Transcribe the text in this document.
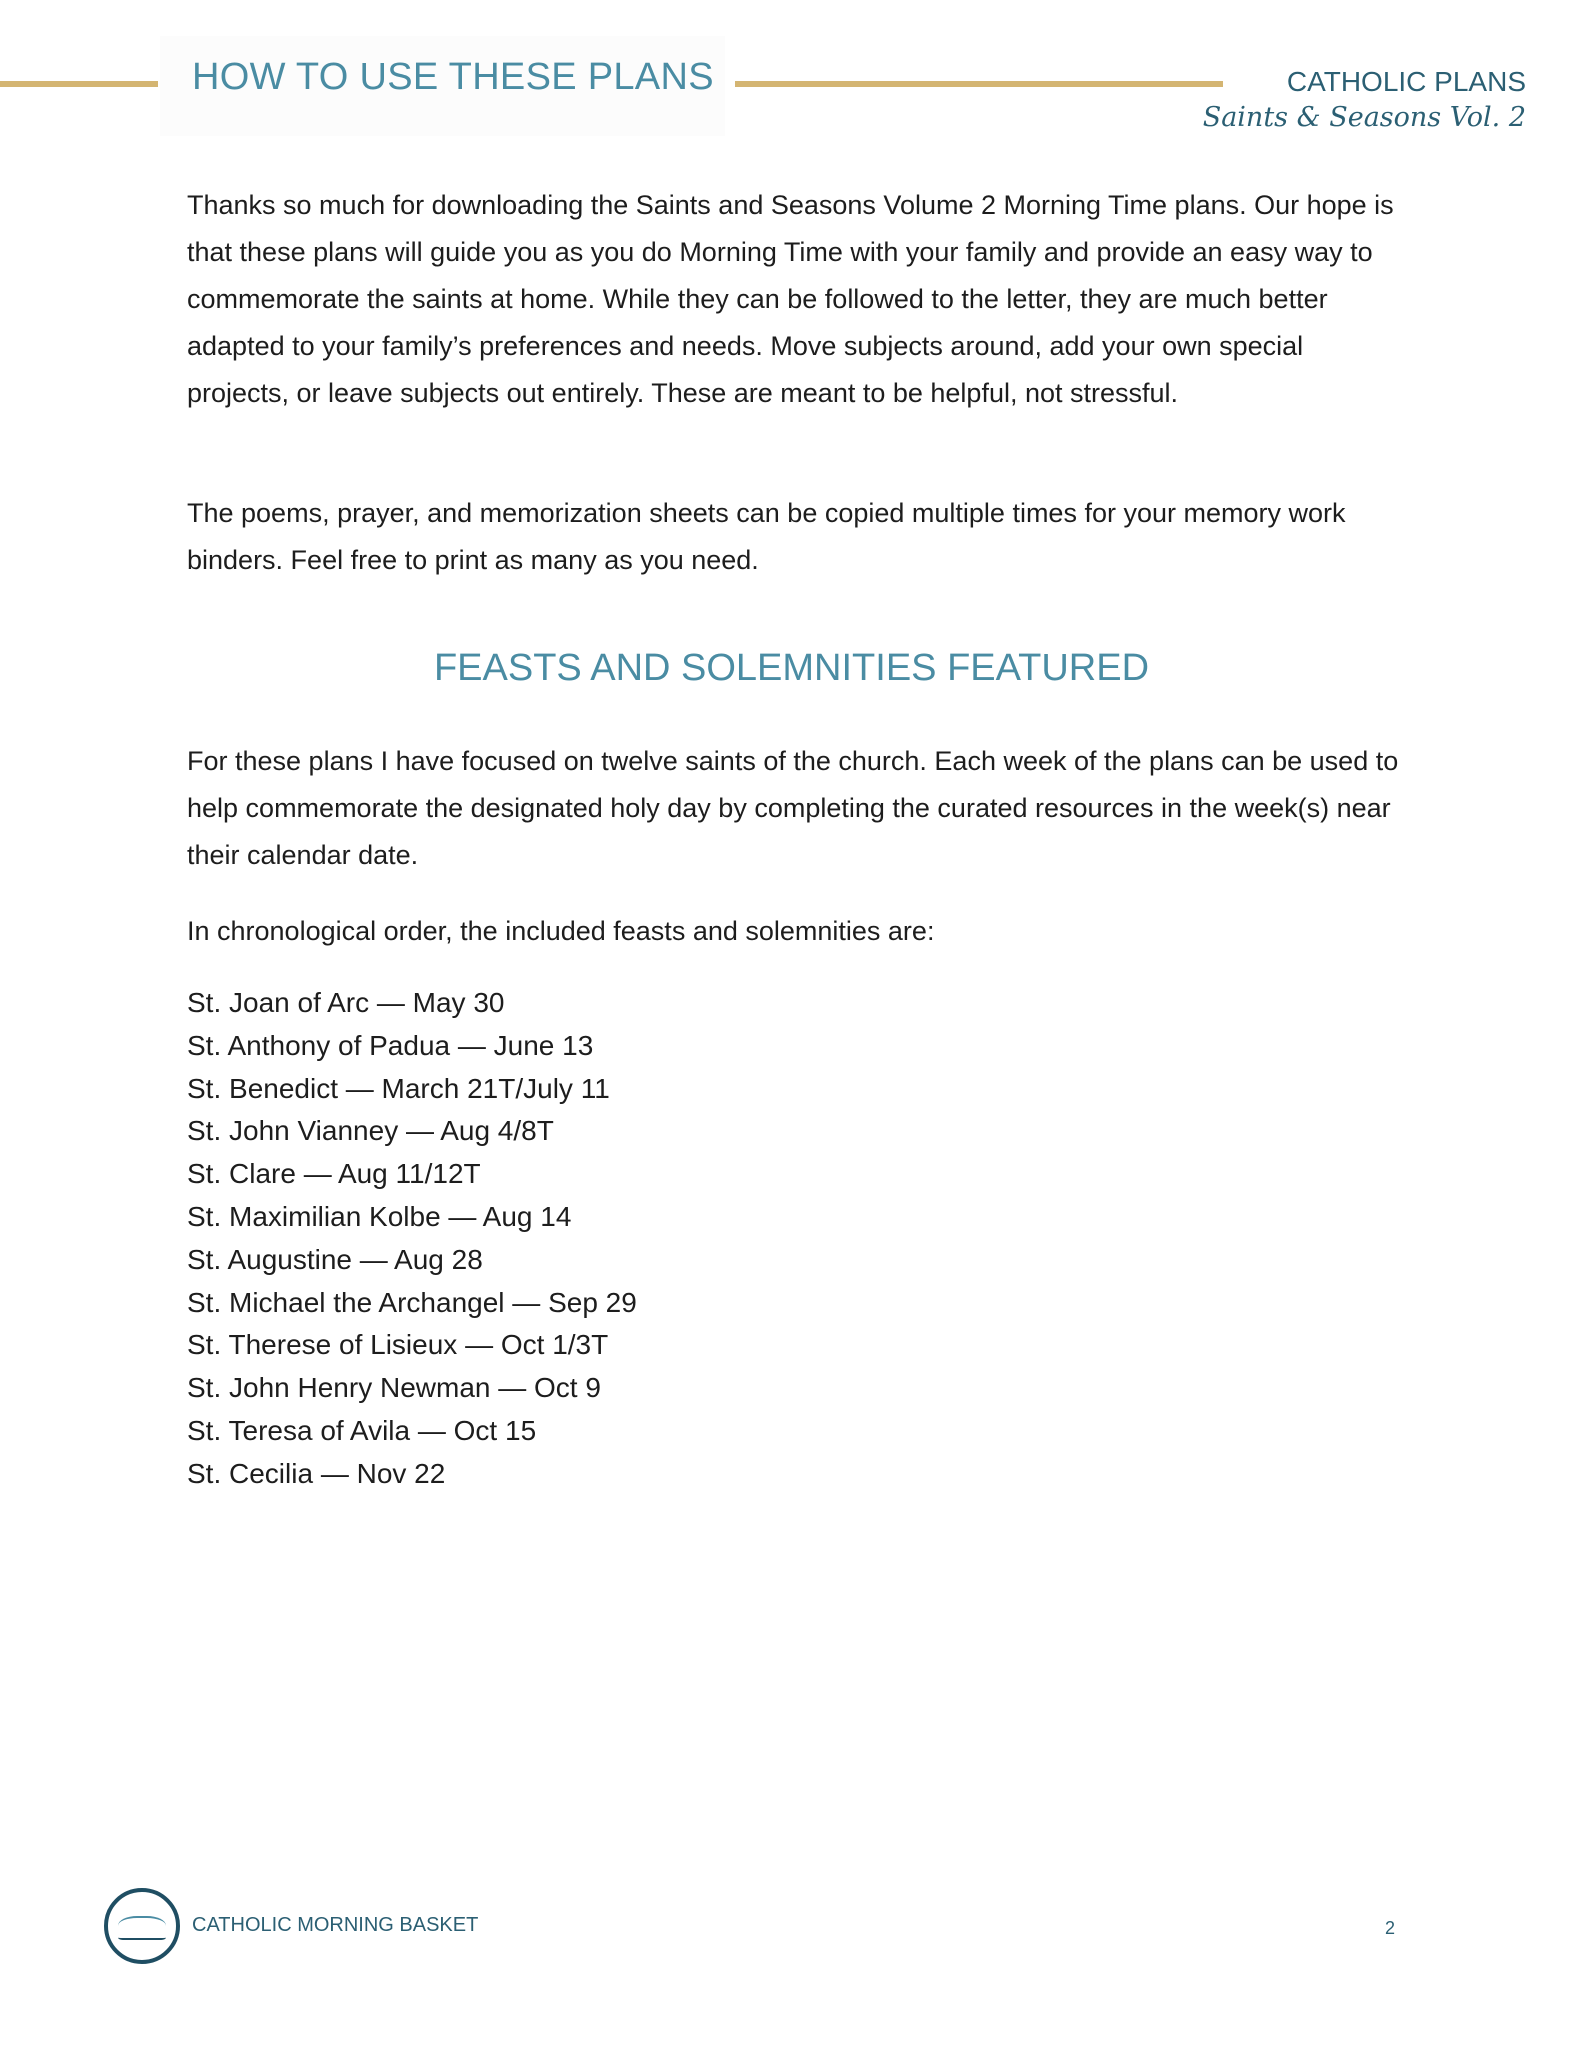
HOW TO USE THESE PLANS	CATHOLIC PLANS
Saints & Seasons Vol. 2
Thanks so much for downloading the Saints and Seasons Volume 2 Morning Time plans. Our hope is that these plans will guide you as you do Morning Time with your family and provide an easy way to commemorate the saints at home. While they can be followed to the letter, they are much better adapted to your family’s preferences and needs. Move subjects around, add your own special projects, or leave subjects out entirely. These are meant to be helpful, not stressful.
The poems, prayer, and memorization sheets can be copied multiple times for your memory work binders. Feel free to print as many as you need.
FEASTS AND SOLEMNITIES FEATURED
For these plans I have focused on twelve saints of the church. Each week of the plans can be used to help commemorate the designated holy day by completing the curated resources in the week(s) near their calendar date.
In chronological order, the included feasts and solemnities are:
St. Joan of Arc — May 30
St. Anthony of Padua — June 13
St. Benedict — March 21T/July 11
St. John Vianney — Aug 4/8T
St. Clare — Aug 11/12T
St. Maximilian Kolbe — Aug 14
St. Augustine — Aug 28
St. Michael the Archangel — Sep 29
St. Therese of Lisieux — Oct 1/3T
St. John Henry Newman — Oct 9
St. Teresa of Avila — Oct 15
St. Cecilia — Nov 22
CATHOLIC MORNING BASKET	2
